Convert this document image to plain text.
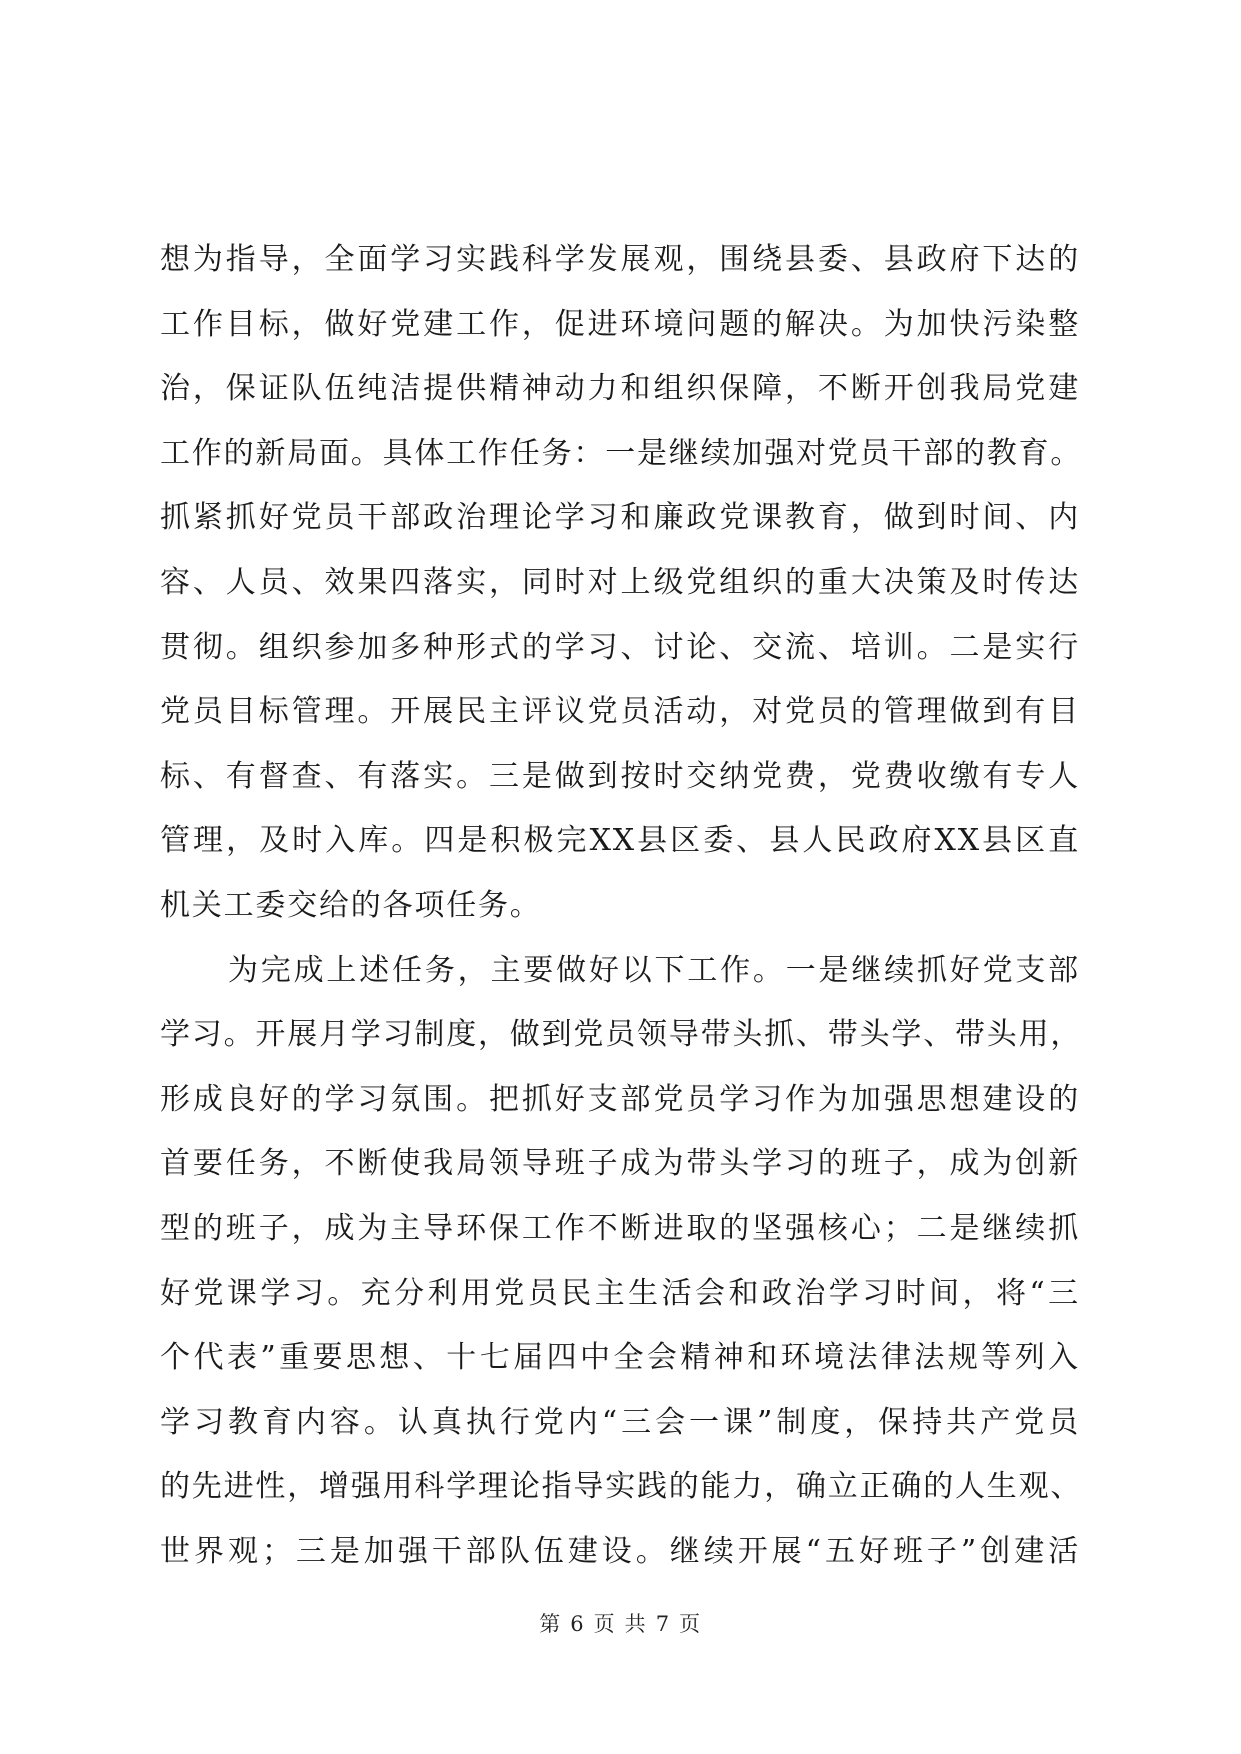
想为指导，全面学习实践科学发展观，围绕县委、县政府下达的
工作目标，做好党建工作，促进环境问题的解决。为加快污染整
治，保证队伍纯洁提供精神动力和组织保障，不断开创我局党建
工作的新局面。具体工作任务：一是继续加强对党员干部的教育。
抓紧抓好党员干部政治理论学习和廉政党课教育，做到时间、内
容、人员、效果四落实，同时对上级党组织的重大决策及时传达
贯彻。组织参加多种形式的学习、讨论、交流、培训。二是实行
党员目标管理。开展民主评议党员活动，对党员的管理做到有目
标、有督查、有落实。三是做到按时交纳党费，党费收缴有专人
管理，及时入库。四是积极完XX县区委、县人民政府XX县区直
机关工委交给的各项任务。
为完成上述任务，主要做好以下工作。一是继续抓好党支部
学习。开展月学习制度，做到党员领导带头抓、带头学、带头用，
形成良好的学习氛围。把抓好支部党员学习作为加强思想建设的
首要任务，不断使我局领导班子成为带头学习的班子，成为创新
型的班子，成为主导环保工作不断进取的坚强核心；二是继续抓
好党课学习。充分利用党员民主生活会和政治学习时间，将“三
个代表”重要思想、十七届四中全会精神和环境法律法规等列入
学习教育内容。认真执行党内“三会一课”制度，保持共产党员
的先进性，增强用科学理论指导实践的能力，确立正确的人生观、
世界观；三是加强干部队伍建设。继续开展“五好班子”创建活
第 6 页 共 7 页
